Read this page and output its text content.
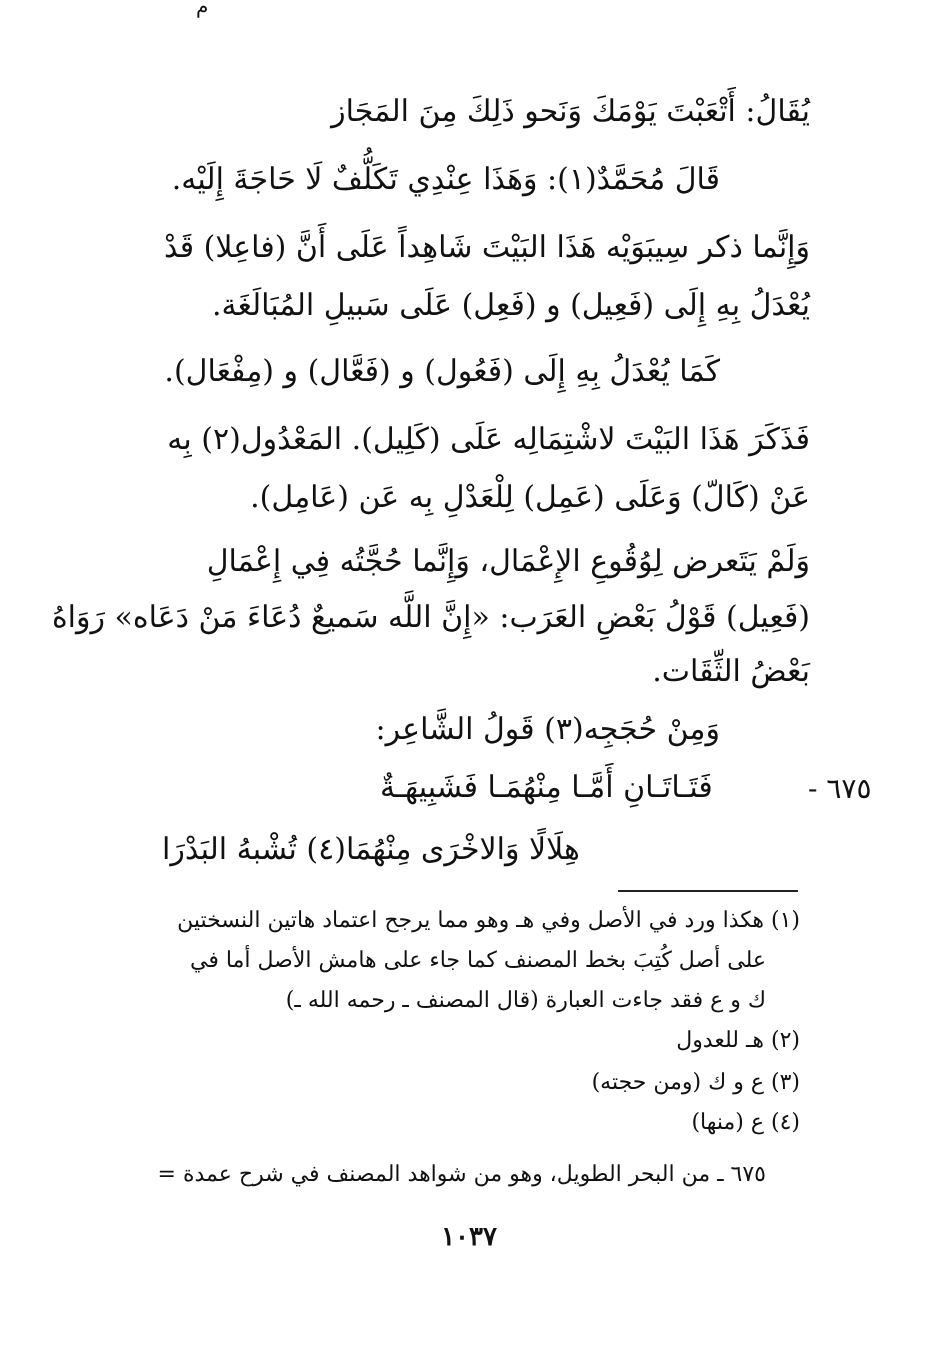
م
يُقَالُ: أَتْعَبْتَ يَوْمَكَ وَنَحو ذَلِكَ مِنَ المَجَاز
قَالَ مُحَمَّدٌ(١): وَهَذَا عِنْدِي تَكَلُّفٌ لَا حَاجَةَ إِلَيْه.
وَإِنَّما ذكر سِيبَوَيْه هَذَا البَيْتَ شَاهِداً عَلَى أَنَّ (فاعِلا) قَدْ
يُعْدَلُ بِهِ إِلَى (فَعِيل) و (فَعِل) عَلَى سَبيلِ المُبَالَغَة.
كَمَا يُعْدَلُ بِهِ إِلَى (فَعُول) و (فَعَّال) و (مِفْعَال).
فَذَكَرَ هَذَا البَيْتَ لاشْتِمَالِه عَلَى (كَلِيل). المَعْدُول(٢) بِه
عَنْ (كَالّ) وَعَلَى (عَمِل) لِلْعَدْلِ بِه عَن (عَامِل).
وَلَمْ يَتَعرض لِوُقُوعِ الإِعْمَال، وَإِنَّما حُجَّتُه فِي إِعْمَالِ
(فَعِيل) قَوْلُ بَعْضِ العَرَب: «إِنَّ اللَّه سَميعٌ دُعَاءَ مَنْ دَعَاه» رَوَاهُ
بَعْضُ الثِّقَات.
وَمِنْ حُجَجِه(٣) قَولُ الشَّاعِر:
٦٧٥ -
فَتَـاتَـانِ أَمَّـا مِنْهُمَـا فَشَبِيهَـةٌ
هِلَالًا وَالاخْرَى مِنْهُمَا(٤) تُشْبهُ البَدْرَا
(١) هكذا ورد في الأصل وفي هـ وهو مما يرجح اعتماد هاتين النسختين
على أصل كُتِبَ بخط المصنف كما جاء على هامش الأصل أما في
ك و ع فقد جاءت العبارة (قال المصنف ـ رحمه الله ـ)
(٢) هـ للعدول
(٣) ع و ك (ومن حجته)
(٤) ع (منها)
٦٧٥ ـ من البحر الطويل، وهو من شواهد المصنف في شرح عمدة =
١٠٣٧
